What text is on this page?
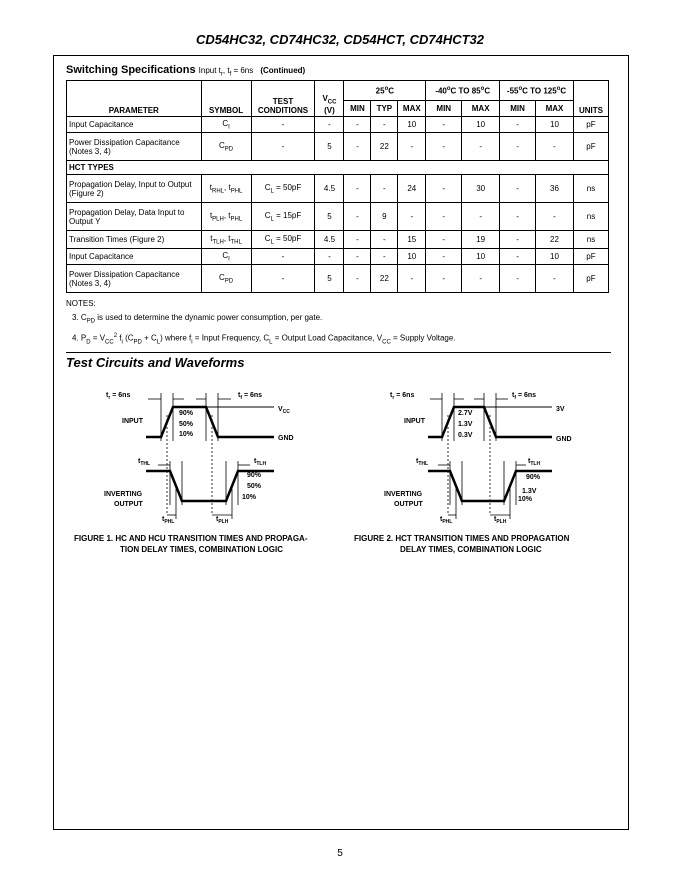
CD54HC32, CD74HC32, CD54HCT, CD74HCT32
Switching Specifications Input $t_r$, $t_f = 6ns$ (Continued)
PARAMETER	SYMBOL	TEST CONDITIONS	$V_{CC}$
(V)	25$^o$C			-40$^o$C TO 85$^o$C		-55$^o$C TO 125$^o$C		UNITS
				MIN	TYP	MAX	MIN	MAX	MIN	MAX	
Input Capacitance	$C_I$	-	-	-	-	10	-	10	-	10	pF
Power Dissipation Capacitance (Notes 3, 4)	$C_{PD}$	-	5	-	22	-	-	-	-	-	pF
HCT TYPES											
Propagation Delay, Input to Output (Figure 2)	$t_{RHL}$, $t_{PHL}$	$C_L = 50pF$	4.5	-	-	24	-	30	-	36	ns
Propagation Delay, Data Input to Output Y	$t_{PLH}$, $t_{PHL}$	$C_L = 15pF$	5	-	9	-	-	-	-	-	ns
Transition Times (Figure 2)	$t_{TLH}$, $t_{THL}$	$C_L = 50pF$	4.5	-	-	15	-	19	-	22	ns
Input Capacitance	$C_I$	-	-	-	-	10	-	10	-	10	pF
Power Dissipation Capacitance (Notes 3, 4)	$C_{PD}$	-	5	-	22	-	-	-	-	-	pF
NOTES:
3. $C_{PD}$ is used to determine the dynamic power consumption, per gate.
4. $P_D = V_{CC}^2$ $f_i$ $(C_{PD} + C_L)$ where $f_i$ = Input Frequency, $C_L$ = Output Load Capacitance, $V_{CC}$ = Supply Voltage.
Test Circuits and Waveforms
$t_r = 6ns$	$t_f = 6ns$
$V_{CC}$
GND
INPUT
90%
50%
10%
$t_{THL}$	$t_{TLH}$
INVERTING
OUTPUT
90%
50%
10%
$t_{PHL}$	$t_{PLH}$
FIGURE 1. HC AND HCU TRANSITION TIMES AND PROPAGA-
TION DELAY TIMES, COMBINATION LOGIC
$t_r = 6ns$	$t_f = 6ns$
3V
GND
INPUT
2.7V
1.3V
0.3V
$t_{THL}$	$t_{TLH}$
INVERTING
OUTPUT
90%
1.3V
10%
$t_{PHL}$	$t_{PLH}$
FIGURE 2. HCT TRANSITION TIMES AND PROPAGATION
DELAY TIMES, COMBINATION LOGIC
5
